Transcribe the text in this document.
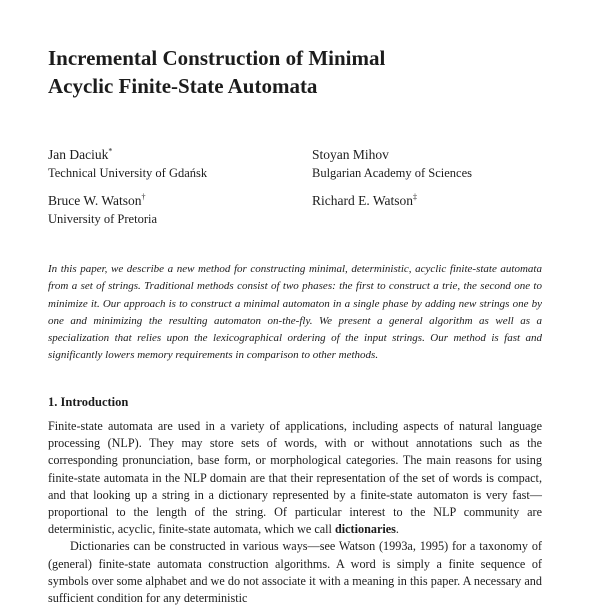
Incremental Construction of Minimal
Acyclic Finite-State Automata
Jan Daciuk*
Technical University of Gdańsk
Stoyan Mihov
Bulgarian Academy of Sciences
Bruce W. Watson†
University of Pretoria
Richard E. Watson‡
In this paper, we describe a new method for constructing minimal, deterministic, acyclic finite-state automata from a set of strings. Traditional methods consist of two phases: the first to construct a trie, the second one to minimize it. Our approach is to construct a minimal automaton in a single phase by adding new strings one by one and minimizing the resulting automaton on-the-fly. We present a general algorithm as well as a specialization that relies upon the lexicographical ordering of the input strings. Our method is fast and significantly lowers memory requirements in comparison to other methods.
1. Introduction

Finite-state automata are used in a variety of applications, including aspects of natural language processing (NLP). They may store sets of words, with or without annotations such as the corresponding pronunciation, base form, or morphological categories. The main reasons for using finite-state automata in the NLP domain are that their representation of the set of words is compact, and that looking up a string in a dictionary represented by a finite-state automaton is very fast—proportional to the length of the string. Of particular interest to the NLP community are deterministic, acyclic, finite-state automata, which we call dictionaries.

Dictionaries can be constructed in various ways—see Watson (1993a, 1995) for a taxonomy of (general) finite-state automata construction algorithms. A word is simply a finite sequence of symbols over some alphabet and we do not associate it with a meaning in this paper. A necessary and sufficient condition for any deterministic
